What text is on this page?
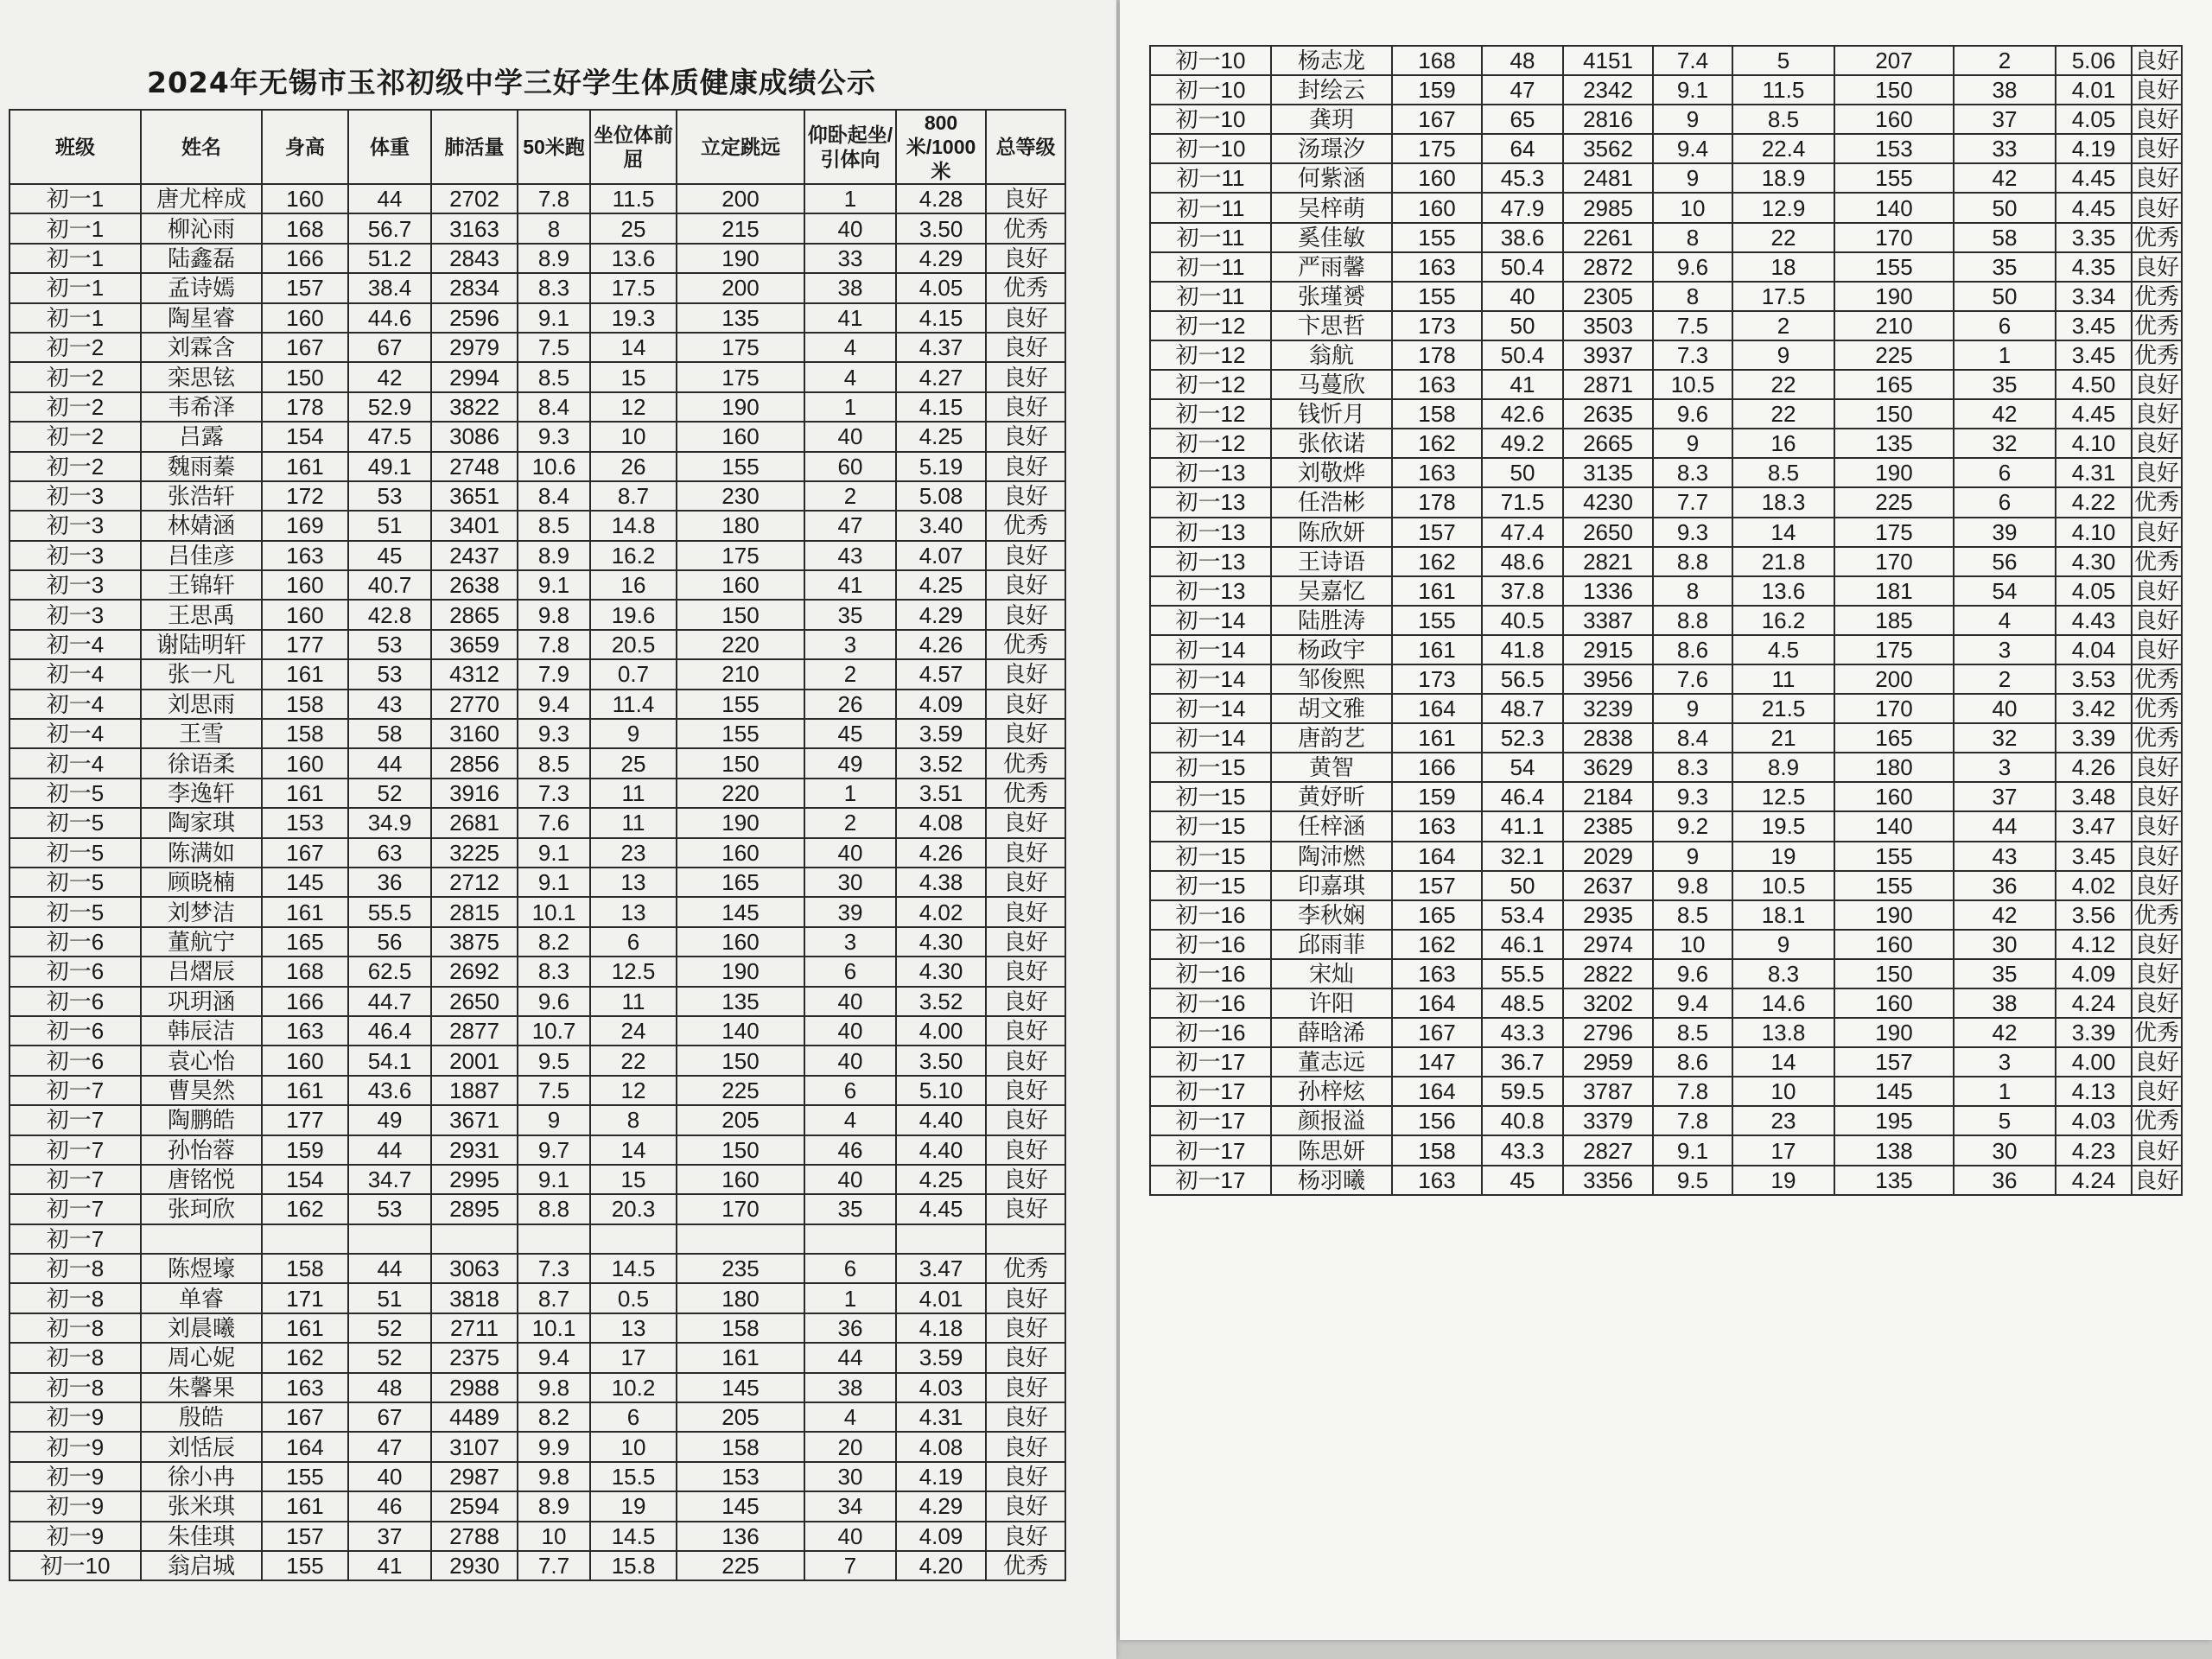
2024年无锡市玉祁初级中学三好学生体质健康成绩公示
班级	姓名	身高	体重	肺活量	50米跑	坐位体前屈	立定跳远	仰卧起坐/引体向	800米/1000米	总等级
初一1	唐尤梓成	160	44	2702	7.8	11.5	200	1	4.28	良好
初一1	柳沁雨	168	56.7	3163	8	25	215	40	3.50	优秀
初一1	陆鑫磊	166	51.2	2843	8.9	13.6	190	33	4.29	良好
初一1	孟诗嫣	157	38.4	2834	8.3	17.5	200	38	4.05	优秀
初一1	陶星睿	160	44.6	2596	9.1	19.3	135	41	4.15	良好
初一2	刘霖含	167	67	2979	7.5	14	175	4	4.37	良好
初一2	栾思铉	150	42	2994	8.5	15	175	4	4.27	良好
初一2	韦希泽	178	52.9	3822	8.4	12	190	1	4.15	良好
初一2	吕露	154	47.5	3086	9.3	10	160	40	4.25	良好
初一2	魏雨蓁	161	49.1	2748	10.6	26	155	60	5.19	良好
初一3	张浩轩	172	53	3651	8.4	8.7	230	2	5.08	良好
初一3	林婧涵	169	51	3401	8.5	14.8	180	47	3.40	优秀
初一3	吕佳彦	163	45	2437	8.9	16.2	175	43	4.07	良好
初一3	王锦轩	160	40.7	2638	9.1	16	160	41	4.25	良好
初一3	王思禹	160	42.8	2865	9.8	19.6	150	35	4.29	良好
初一4	谢陆明轩	177	53	3659	7.8	20.5	220	3	4.26	优秀
初一4	张一凡	161	53	4312	7.9	0.7	210	2	4.57	良好
初一4	刘思雨	158	43	2770	9.4	11.4	155	26	4.09	良好
初一4	王雪	158	58	3160	9.3	9	155	45	3.59	良好
初一4	徐语柔	160	44	2856	8.5	25	150	49	3.52	优秀
初一5	李逸轩	161	52	3916	7.3	11	220	1	3.51	优秀
初一5	陶家琪	153	34.9	2681	7.6	11	190	2	4.08	良好
初一5	陈满如	167	63	3225	9.1	23	160	40	4.26	良好
初一5	顾晓楠	145	36	2712	9.1	13	165	30	4.38	良好
初一5	刘梦洁	161	55.5	2815	10.1	13	145	39	4.02	良好
初一6	董航宁	165	56	3875	8.2	6	160	3	4.30	良好
初一6	吕熠辰	168	62.5	2692	8.3	12.5	190	6	4.30	良好
初一6	巩玥涵	166	44.7	2650	9.6	11	135	40	3.52	良好
初一6	韩辰洁	163	46.4	2877	10.7	24	140	40	4.00	良好
初一6	袁心怡	160	54.1	2001	9.5	22	150	40	3.50	良好
初一7	曹昊然	161	43.6	1887	7.5	12	225	6	5.10	良好
初一7	陶鹏皓	177	49	3671	9	8	205	4	4.40	良好
初一7	孙怡蓉	159	44	2931	9.7	14	150	46	4.40	良好
初一7	唐铭悦	154	34.7	2995	9.1	15	160	40	4.25	良好
初一7	张珂欣	162	53	2895	8.8	20.3	170	35	4.45	良好
初一7										
初一8	陈煜壕	158	44	3063	7.3	14.5	235	6	3.47	优秀
初一8	单睿	171	51	3818	8.7	0.5	180	1	4.01	良好
初一8	刘晨曦	161	52	2711	10.1	13	158	36	4.18	良好
初一8	周心妮	162	52	2375	9.4	17	161	44	3.59	良好
初一8	朱馨果	163	48	2988	9.8	10.2	145	38	4.03	良好
初一9	殷皓	167	67	4489	8.2	6	205	4	4.31	良好
初一9	刘恬辰	164	47	3107	9.9	10	158	20	4.08	良好
初一9	徐小冉	155	40	2987	9.8	15.5	153	30	4.19	良好
初一9	张米琪	161	46	2594	8.9	19	145	34	4.29	良好
初一9	朱佳琪	157	37	2788	10	14.5	136	40	4.09	良好
初一10	翁启城	155	41	2930	7.7	15.8	225	7	4.20	优秀
初一10	杨志龙	168	48	4151	7.4	5	207	2	5.06	良好
初一10	封绘云	159	47	2342	9.1	11.5	150	38	4.01	良好
初一10	龚玥	167	65	2816	9	8.5	160	37	4.05	良好
初一10	汤璟汐	175	64	3562	9.4	22.4	153	33	4.19	良好
初一11	何紫涵	160	45.3	2481	9	18.9	155	42	4.45	良好
初一11	吴梓萌	160	47.9	2985	10	12.9	140	50	4.45	良好
初一11	奚佳敏	155	38.6	2261	8	22	170	58	3.35	优秀
初一11	严雨馨	163	50.4	2872	9.6	18	155	35	4.35	良好
初一11	张瑾赟	155	40	2305	8	17.5	190	50	3.34	优秀
初一12	卞思哲	173	50	3503	7.5	2	210	6	3.45	优秀
初一12	翁航	178	50.4	3937	7.3	9	225	1	3.45	优秀
初一12	马蔓欣	163	41	2871	10.5	22	165	35	4.50	良好
初一12	钱忻月	158	42.6	2635	9.6	22	150	42	4.45	良好
初一12	张依诺	162	49.2	2665	9	16	135	32	4.10	良好
初一13	刘敬烨	163	50	3135	8.3	8.5	190	6	4.31	良好
初一13	任浩彬	178	71.5	4230	7.7	18.3	225	6	4.22	优秀
初一13	陈欣妍	157	47.4	2650	9.3	14	175	39	4.10	良好
初一13	王诗语	162	48.6	2821	8.8	21.8	170	56	4.30	优秀
初一13	吴嘉忆	161	37.8	1336	8	13.6	181	54	4.05	良好
初一14	陆胜涛	155	40.5	3387	8.8	16.2	185	4	4.43	良好
初一14	杨政宇	161	41.8	2915	8.6	4.5	175	3	4.04	良好
初一14	邹俊熙	173	56.5	3956	7.6	11	200	2	3.53	优秀
初一14	胡文雅	164	48.7	3239	9	21.5	170	40	3.42	优秀
初一14	唐韵艺	161	52.3	2838	8.4	21	165	32	3.39	优秀
初一15	黄智	166	54	3629	8.3	8.9	180	3	4.26	良好
初一15	黄妤昕	159	46.4	2184	9.3	12.5	160	37	3.48	良好
初一15	任梓涵	163	41.1	2385	9.2	19.5	140	44	3.47	良好
初一15	陶沛燃	164	32.1	2029	9	19	155	43	3.45	良好
初一15	印嘉琪	157	50	2637	9.8	10.5	155	36	4.02	良好
初一16	李秋娴	165	53.4	2935	8.5	18.1	190	42	3.56	优秀
初一16	邱雨菲	162	46.1	2974	10	9	160	30	4.12	良好
初一16	宋灿	163	55.5	2822	9.6	8.3	150	35	4.09	良好
初一16	许阳	164	48.5	3202	9.4	14.6	160	38	4.24	良好
初一16	薛晗浠	167	43.3	2796	8.5	13.8	190	42	3.39	优秀
初一17	董志远	147	36.7	2959	8.6	14	157	3	4.00	良好
初一17	孙梓炫	164	59.5	3787	7.8	10	145	1	4.13	良好
初一17	颜报溢	156	40.8	3379	7.8	23	195	5	4.03	优秀
初一17	陈思妍	158	43.3	2827	9.1	17	138	30	4.23	良好
初一17	杨羽曦	163	45	3356	9.5	19	135	36	4.24	良好
